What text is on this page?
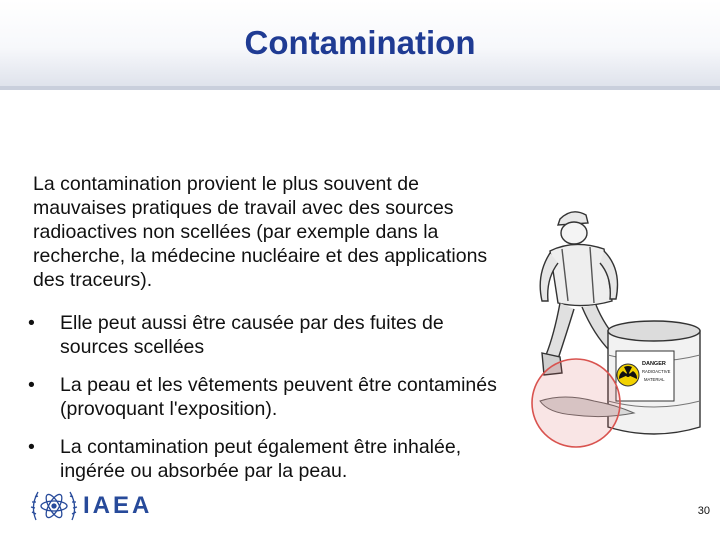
Contamination
La contamination provient le plus souvent de mauvaises pratiques de travail avec des sources radioactives non scellées (par exemple dans la recherche, la médecine nucléaire et des applications des traceurs).
•	Elle peut aussi être causée par des fuites de sources scellées
•	La peau et les vêtements peuvent être contaminés (provoquant l'exposition).
•	La contamination peut également être inhalée, ingérée ou absorbée par la peau.
DANGER
RADIOACTIVE
MATERIAL
IAEA	30
